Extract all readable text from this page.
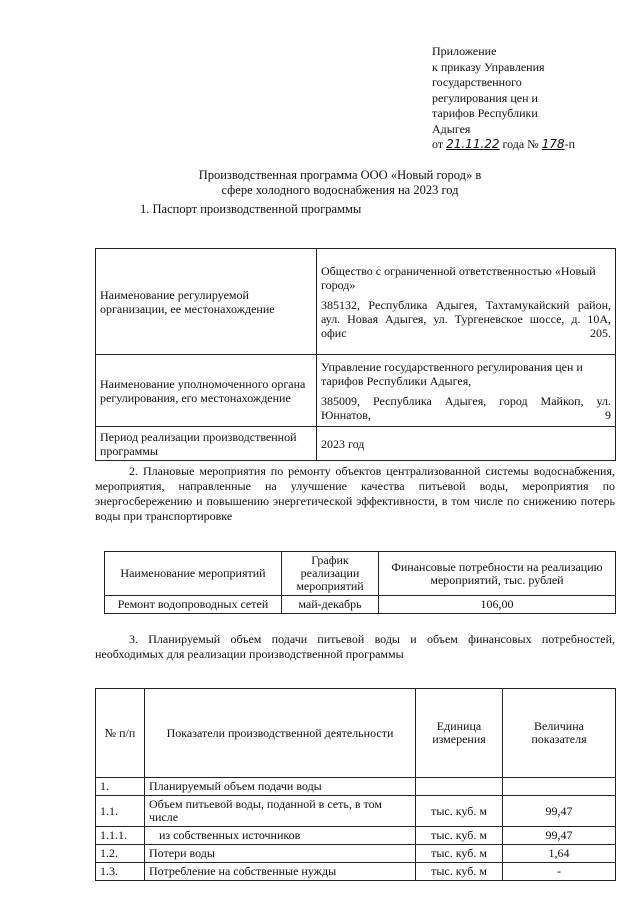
Приложение
к приказу Управления
государственного
регулирования цен и
тарифов Республики
Адыгея
от 21.11.22 года № 178-п
Производственная программа ООО «Новый город» в
сфере холодного водоснабжения на 2023 год
1. Паспорт производственной программы
Наименование регулируемой организации, ее местонахождение	Общество с ограниченной ответственностью «Новый город»
385132, Республика Адыгея, Тахтамукайский район, аул. Новая Адыгея, ул. Тургеневское шоссе, д. 10А, офис 205.

Наименование уполномоченного органа регулирования, его местонахождение	Управление государственного регулирования цен и тарифов Республики Адыгея,
385009, Республика Адыгея, город Майкоп, ул. Юннатов, 9

Период реализации производственной программы	2023 год
2. Плановые мероприятия по ремонту объектов централизованной системы водоснабжения, мероприятия, направленные на улучшение качества питьевой воды, мероприятия по энергосбережению и повышению энергетической эффективности, в том числе по снижению потерь воды при транспортировке
Наименование мероприятий	График реализации мероприятий	Финансовые потребности на реализацию мероприятий, тыс. рублей
Ремонт водопроводных сетей	май-декабрь	106,00
3. Планируемый объем подачи питьевой воды и объем финансовых потребностей, необходимых для реализации производственной программы
№ п/п	Показатели производственной деятельности	Единица измерения	Величина показателя
1.	Планируемый объем подачи воды		
1.1.	Объем питьевой воды, поданной в сеть, в том числе	тыс. куб. м	99,47
1.1.1.	из собственных источников	тыс. куб. м	99,47
1.2.	Потери воды	тыс. куб. м	1,64
1.3.	Потребление на собственные нужды	тыс. куб. м	-
